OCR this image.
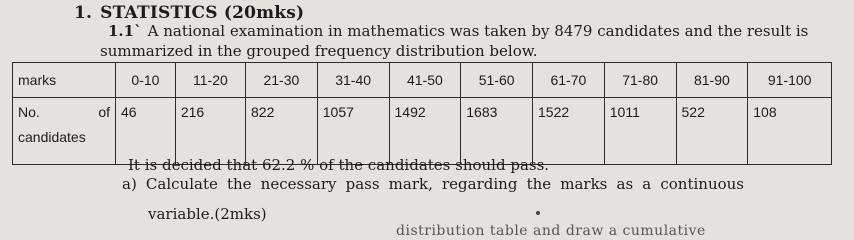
1. STATISTICS (20mks)
1.1` A national examination in mathematics was taken by 8479 candidates and the result is
summarized in the grouped frequency distribution below.
marks	0-10	11-20	21-30	31-40	41-50	51-60	61-70	71-80	81-90	91-100

No. of
candidates	46	216	822	1057	1492	1683	1522	1011	522	108
It is decided that 62.2 % of the candidates should pass.
a) Calculate the necessary pass mark, regarding the marks as a continuous
variable.(2mks)
distribution table and draw a cumulative
